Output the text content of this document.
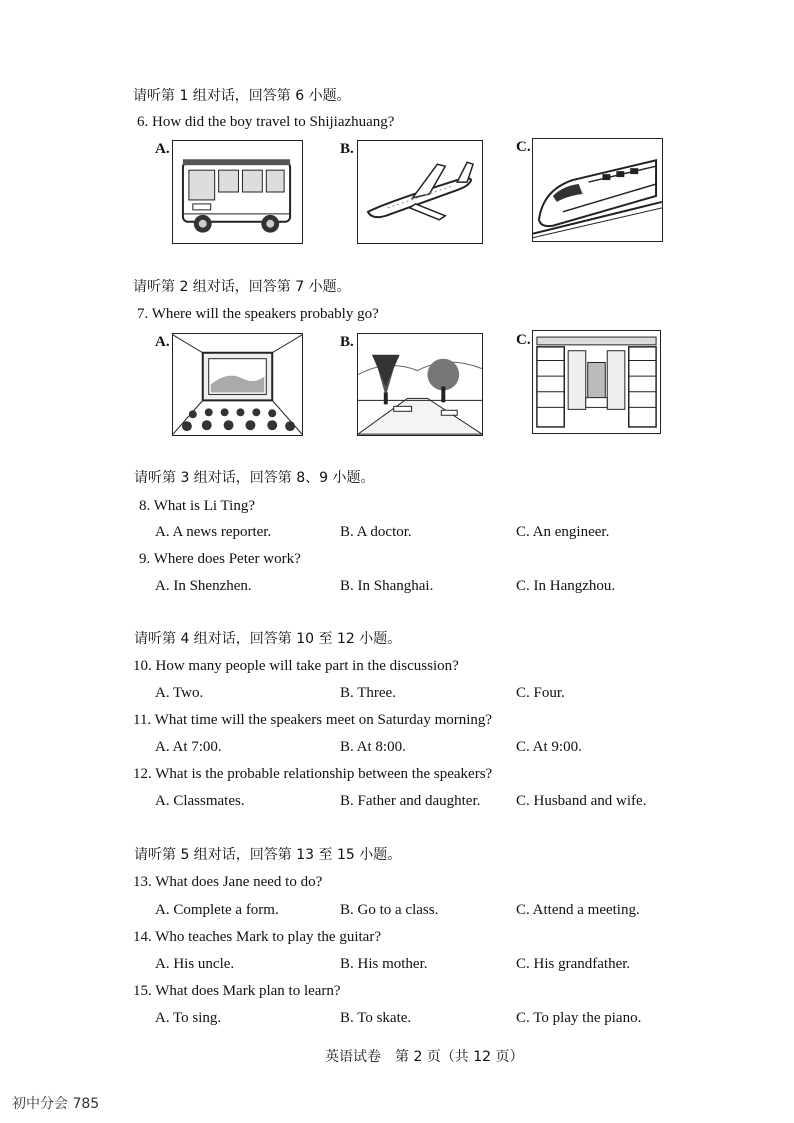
请听第 1 组对话，回答第 6 小题。
6. How did the boy travel to Shijiazhuang?
A.	B.	C.
请听第 2 组对话，回答第 7 小题。
7. Where will the speakers probably go?
A.	B.	C.
请听第 3 组对话，回答第 8、9 小题。
8. What is Li Ting?
A. A news reporter.	B. A doctor.	C. An engineer.
9. Where does Peter work?
A. In Shenzhen.	B. In Shanghai.	C. In Hangzhou.
请听第 4 组对话，回答第 10 至 12 小题。
10. How many people will take part in the discussion?
A. Two.	B. Three.	C. Four.
11. What time will the speakers meet on Saturday morning?
A. At 7:00.	B. At 8:00.	C. At 9:00.
12. What is the probable relationship between the speakers?
A. Classmates.	B. Father and daughter. C. Husband and wife.
请听第 5 组对话，回答第 13 至 15 小题。
13. What does Jane need to do?
A. Complete a form.	B. Go to a class.	C. Attend a meeting.
14. Who teaches Mark to play the guitar?
A. His uncle.	B. His mother.	C. His grandfather.
15. What does Mark plan to learn?
A. To sing.	B. To skate.	C. To play the piano.
英语试卷　第 2 页（共 12 页）
初中分会 785
